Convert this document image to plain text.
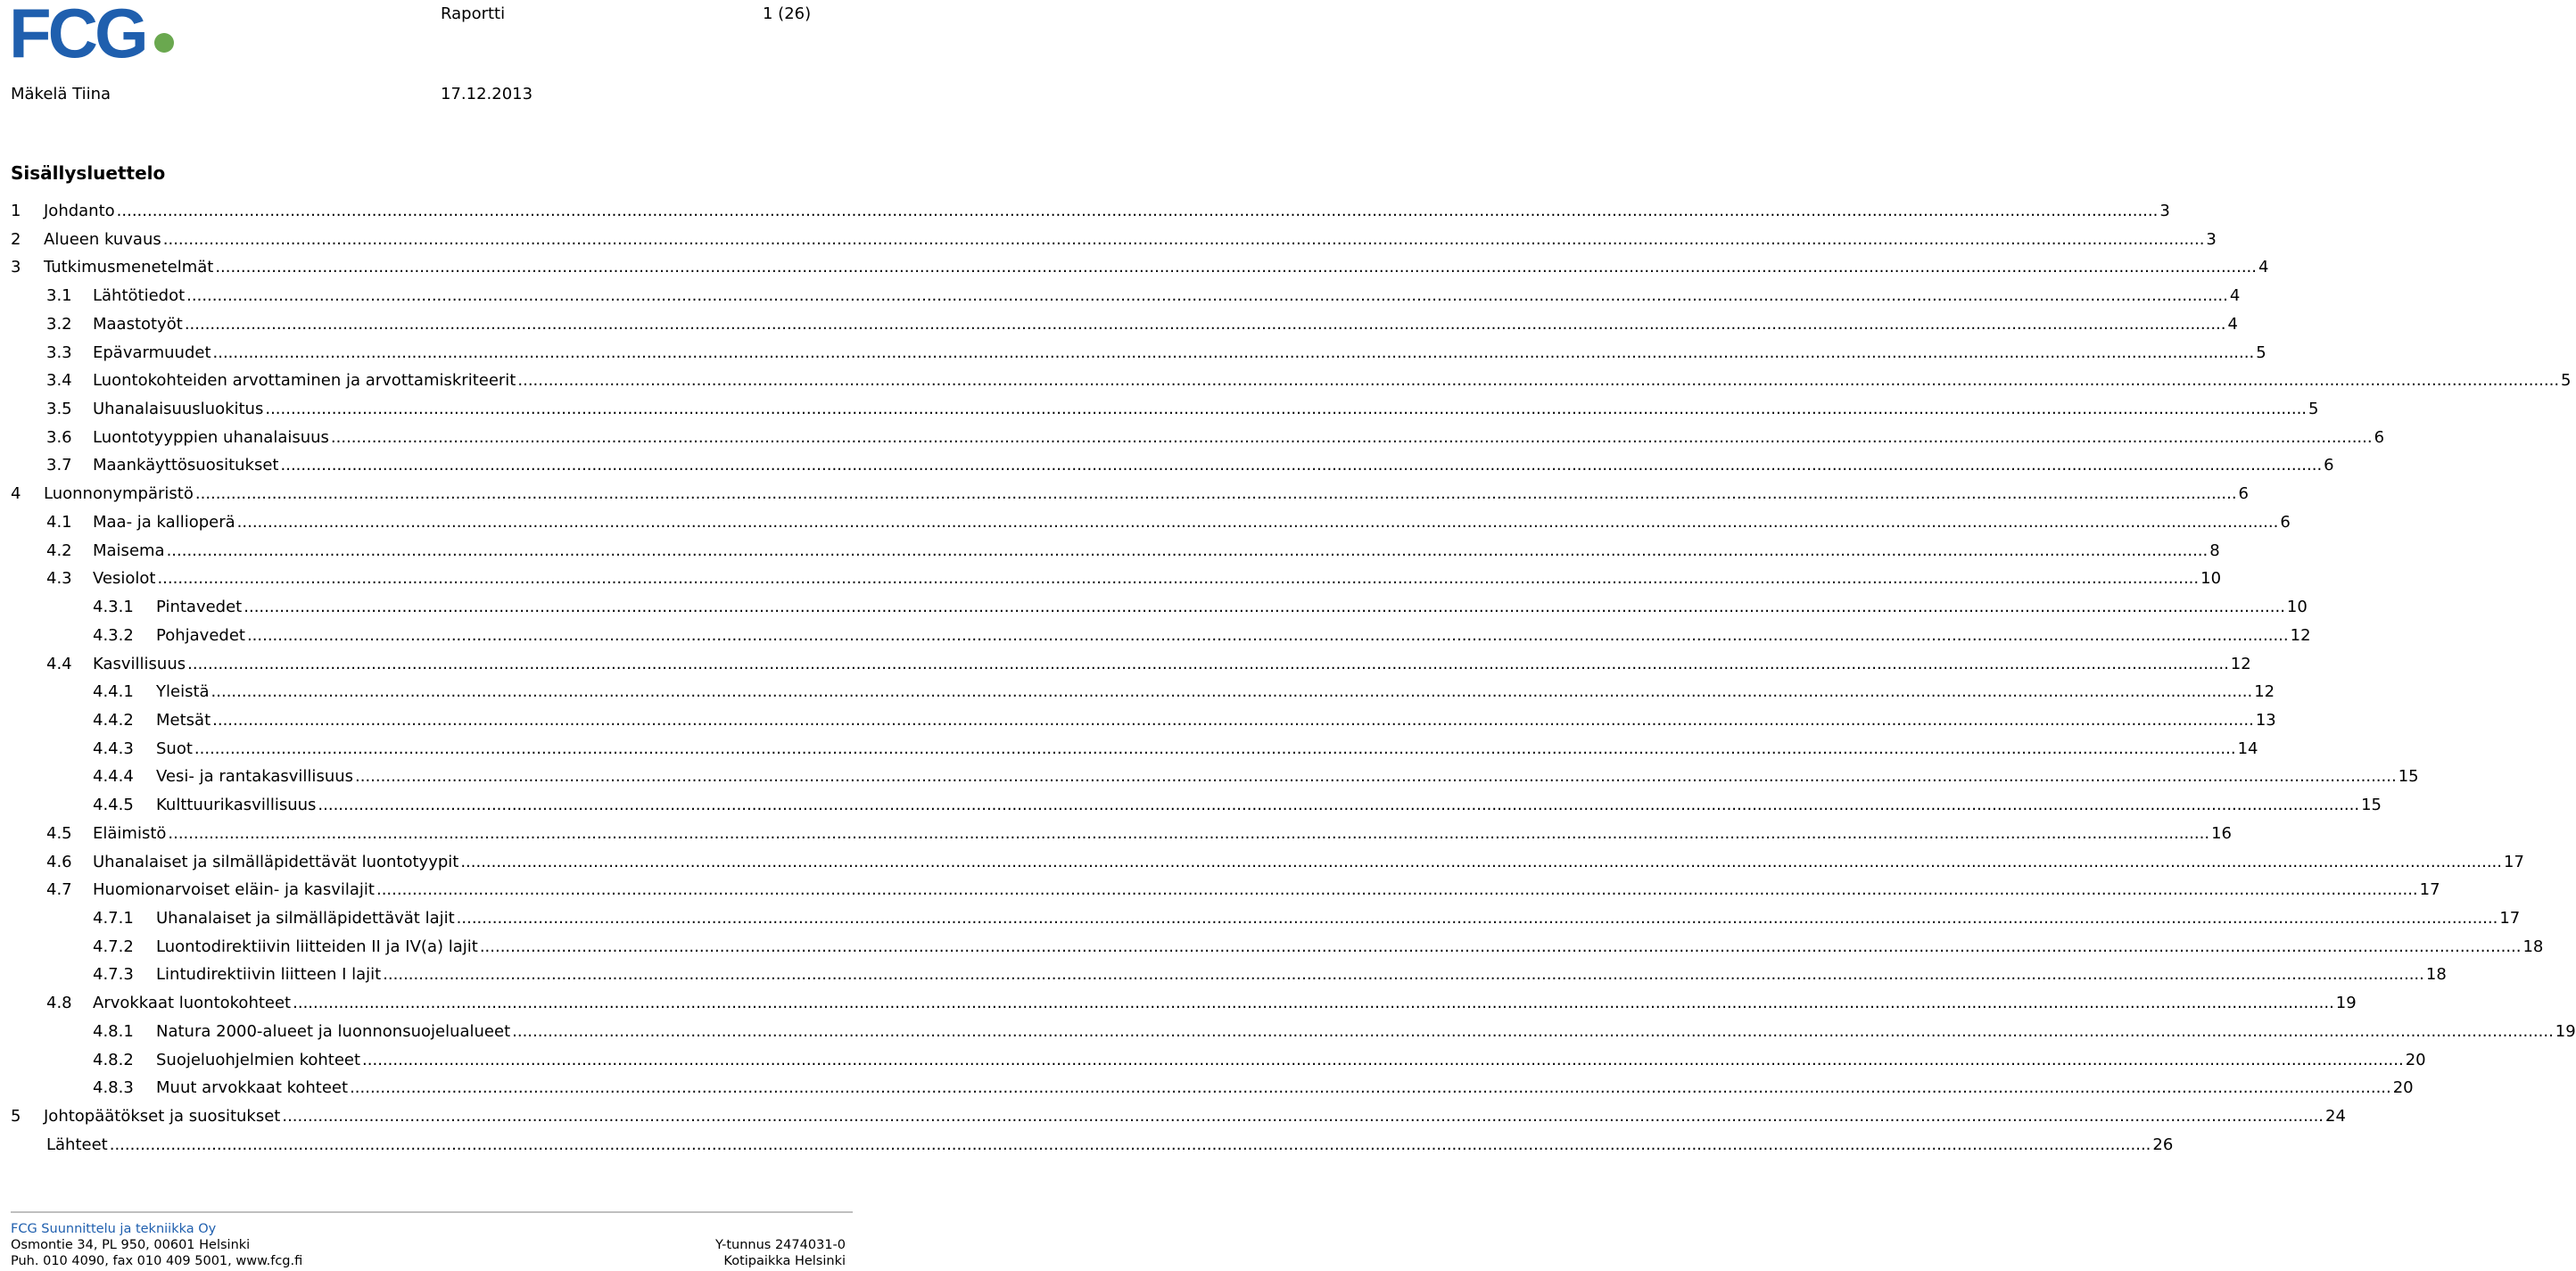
FCG	Raportti	1 (26)
Mäkelä Tiina	17.12.2013
Sisällysluettelo
1 Johdanto ................................................................................................................................................................................................................................................................................................................................................................................................................ 3
2 Alueen kuvaus ................................................................................................................................................................................................................................................................................................................................................................................................................ 3
3 Tutkimusmenetelmät ................................................................................................................................................................................................................................................................................................................................................................................................................ 4
3.1 Lähtötiedot ................................................................................................................................................................................................................................................................................................................................................................................................................ 4
3.2 Maastotyöt ................................................................................................................................................................................................................................................................................................................................................................................................................ 4
3.3 Epävarmuudet ................................................................................................................................................................................................................................................................................................................................................................................................................ 5
3.4 Luontokohteiden arvottaminen ja arvottamiskriteerit ................................................................................................................................................................................................................................................................................................................................................................................................................ 5
3.5 Uhanalaisuusluokitus ................................................................................................................................................................................................................................................................................................................................................................................................................ 5
3.6 Luontotyyppien uhanalaisuus ................................................................................................................................................................................................................................................................................................................................................................................................................ 6
3.7 Maankäyttösuositukset ................................................................................................................................................................................................................................................................................................................................................................................................................ 6
4 Luonnonympäristö ................................................................................................................................................................................................................................................................................................................................................................................................................ 6
4.1 Maa- ja kallioperä ................................................................................................................................................................................................................................................................................................................................................................................................................ 6
4.2 Maisema ................................................................................................................................................................................................................................................................................................................................................................................................................ 8
4.3 Vesiolot ................................................................................................................................................................................................................................................................................................................................................................................................................ 10
4.3.1 Pintavedet ................................................................................................................................................................................................................................................................................................................................................................................................................ 10
4.3.2 Pohjavedet ................................................................................................................................................................................................................................................................................................................................................................................................................ 12
4.4 Kasvillisuus ................................................................................................................................................................................................................................................................................................................................................................................................................ 12
4.4.1 Yleistä ................................................................................................................................................................................................................................................................................................................................................................................................................ 12
4.4.2 Metsät ................................................................................................................................................................................................................................................................................................................................................................................................................ 13
4.4.3 Suot ................................................................................................................................................................................................................................................................................................................................................................................................................ 14
4.4.4 Vesi- ja rantakasvillisuus ................................................................................................................................................................................................................................................................................................................................................................................................................ 15
4.4.5 Kulttuurikasvillisuus ................................................................................................................................................................................................................................................................................................................................................................................................................ 15
4.5 Eläimistö ................................................................................................................................................................................................................................................................................................................................................................................................................ 16
4.6 Uhanalaiset ja silmälläpidettävät luontotyypit ................................................................................................................................................................................................................................................................................................................................................................................................................ 17
4.7 Huomionarvoiset eläin- ja kasvilajit ................................................................................................................................................................................................................................................................................................................................................................................................................ 17
4.7.1 Uhanalaiset ja silmälläpidettävät lajit ................................................................................................................................................................................................................................................................................................................................................................................................................ 17
4.7.2 Luontodirektiivin liitteiden II ja IV(a) lajit ................................................................................................................................................................................................................................................................................................................................................................................................................ 18
4.7.3 Lintudirektiivin liitteen I lajit ................................................................................................................................................................................................................................................................................................................................................................................................................ 18
4.8 Arvokkaat luontokohteet ................................................................................................................................................................................................................................................................................................................................................................................................................ 19
4.8.1 Natura 2000-alueet ja luonnonsuojelualueet ................................................................................................................................................................................................................................................................................................................................................................................................................ 19
4.8.2 Suojeluohjelmien kohteet ................................................................................................................................................................................................................................................................................................................................................................................................................ 20
4.8.3 Muut arvokkaat kohteet ................................................................................................................................................................................................................................................................................................................................................................................................................ 20
5 Johtopäätökset ja suositukset ................................................................................................................................................................................................................................................................................................................................................................................................................ 24
Lähteet ................................................................................................................................................................................................................................................................................................................................................................................................................ 26
FCG Suunnittelu ja tekniikka Oy
Osmontie 34, PL 950, 00601 Helsinki
Puh. 010 4090, fax 010 409 5001, www.fcg.fi
Y-tunnus 2474031-0
Kotipaikka Helsinki
